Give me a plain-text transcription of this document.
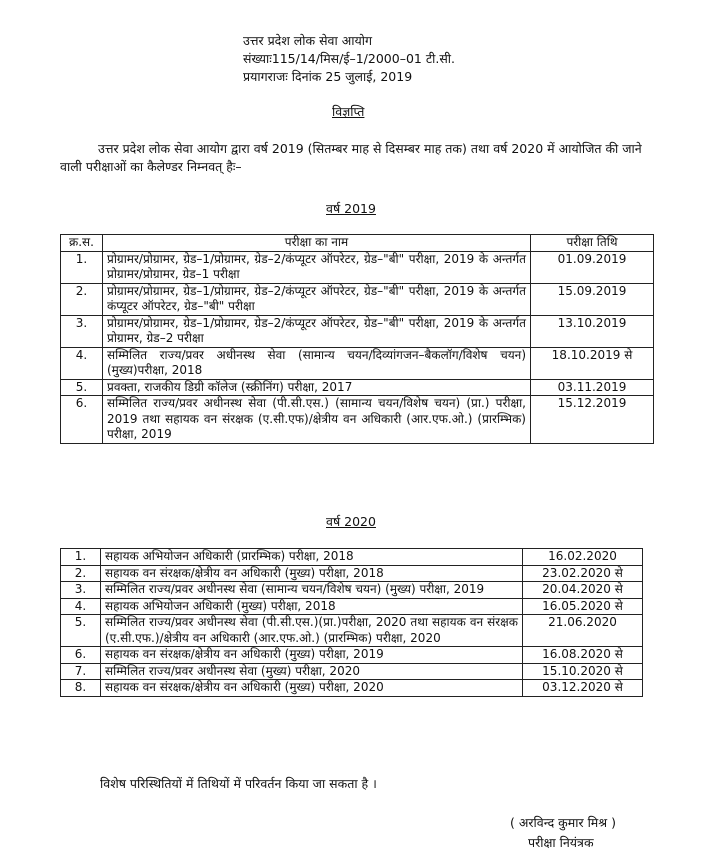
उत्तर प्रदेश लोक सेवा आयोग
संख्याः115/14/मिस/ई–1/2000–01 टी.सी.
प्रयागराजः दिनांक 25 जुलाई, 2019
विज्ञप्ति
उत्तर प्रदेश लोक सेवा आयोग द्वारा वर्ष 2019 (सितम्बर माह से दिसम्बर माह तक) तथा वर्ष 2020 में आयोजित की जाने वाली परीक्षाओं का कैलेण्डर निम्नवत् हैः–
वर्ष 2019
क्र.स.	परीक्षा का नाम	परीक्षा तिथि
1.	प्रोग्रामर/प्रोग्रामर, ग्रेड–1/प्रोग्रामर, ग्रेड–2/कंप्यूटर ऑपरेटर, ग्रेड–"बी" परीक्षा, 2019 के अन्तर्गत प्रोग्रामर/प्रोग्रामर, ग्रेड–1 परीक्षा	01.09.2019
2.	प्रोग्रामर/प्रोग्रामर, ग्रेड–1/प्रोग्रामर, ग्रेड–2/कंप्यूटर ऑपरेटर, ग्रेड–"बी" परीक्षा, 2019 के अन्तर्गत कंप्यूटर ऑपरेटर, ग्रेड–"बी" परीक्षा	15.09.2019
3.	प्रोग्रामर/प्रोग्रामर, ग्रेड–1/प्रोग्रामर, ग्रेड–2/कंप्यूटर ऑपरेटर, ग्रेड–"बी" परीक्षा, 2019 के अन्तर्गत प्रोग्रामर, ग्रेड–2 परीक्षा	13.10.2019
4.	सम्मिलित राज्य/प्रवर अधीनस्थ सेवा (सामान्य चयन/दिव्यांगजन–बैकलॉग/विशेष चयन) (मुख्य)परीक्षा, 2018	18.10.2019 से
5.	प्रवक्ता, राजकीय डिग्री कॉलेज (स्क्रीनिंग) परीक्षा, 2017	03.11.2019
6.	सम्मिलित राज्य/प्रवर अधीनस्थ सेवा (पी.सी.एस.) (सामान्य चयन/विशेष चयन) (प्रा.) परीक्षा, 2019 तथा सहायक वन संरक्षक (ए.सी.एफ)/क्षेत्रीय वन अधिकारी (आर.एफ.ओ.) (प्रारम्भिक) परीक्षा, 2019	15.12.2019
वर्ष 2020
1.	सहायक अभियोजन अधिकारी (प्रारम्भिक) परीक्षा, 2018	16.02.2020
2.	सहायक वन संरक्षक/क्षेत्रीय वन अधिकारी (मुख्य) परीक्षा, 2018	23.02.2020 से
3.	सम्मिलित राज्य/प्रवर अधीनस्थ सेवा (सामान्य चयन/विशेष चयन) (मुख्य) परीक्षा, 2019	20.04.2020 से
4.	सहायक अभियोजन अधिकारी (मुख्य) परीक्षा, 2018	16.05.2020 से
5.	सम्मिलित राज्य/प्रवर अधीनस्थ सेवा (पी.सी.एस.)(प्रा.)परीक्षा, 2020 तथा सहायक वन संरक्षक (ए.सी.एफ.)/क्षेत्रीय वन अधिकारी (आर.एफ.ओ.) (प्रारम्भिक) परीक्षा, 2020	21.06.2020
6.	सहायक वन संरक्षक/क्षेत्रीय वन अधिकारी (मुख्य) परीक्षा, 2019	16.08.2020 से
7.	सम्मिलित राज्य/प्रवर अधीनस्थ सेवा (मुख्य) परीक्षा, 2020	15.10.2020 से
8.	सहायक वन संरक्षक/क्षेत्रीय वन अधिकारी (मुख्य) परीक्षा, 2020	03.12.2020 से
विशेष परिस्थितियों में तिथियों में परिवर्तन किया जा सकता है ।
( अरविन्द कुमार मिश्र )
परीक्षा नियंत्रक
